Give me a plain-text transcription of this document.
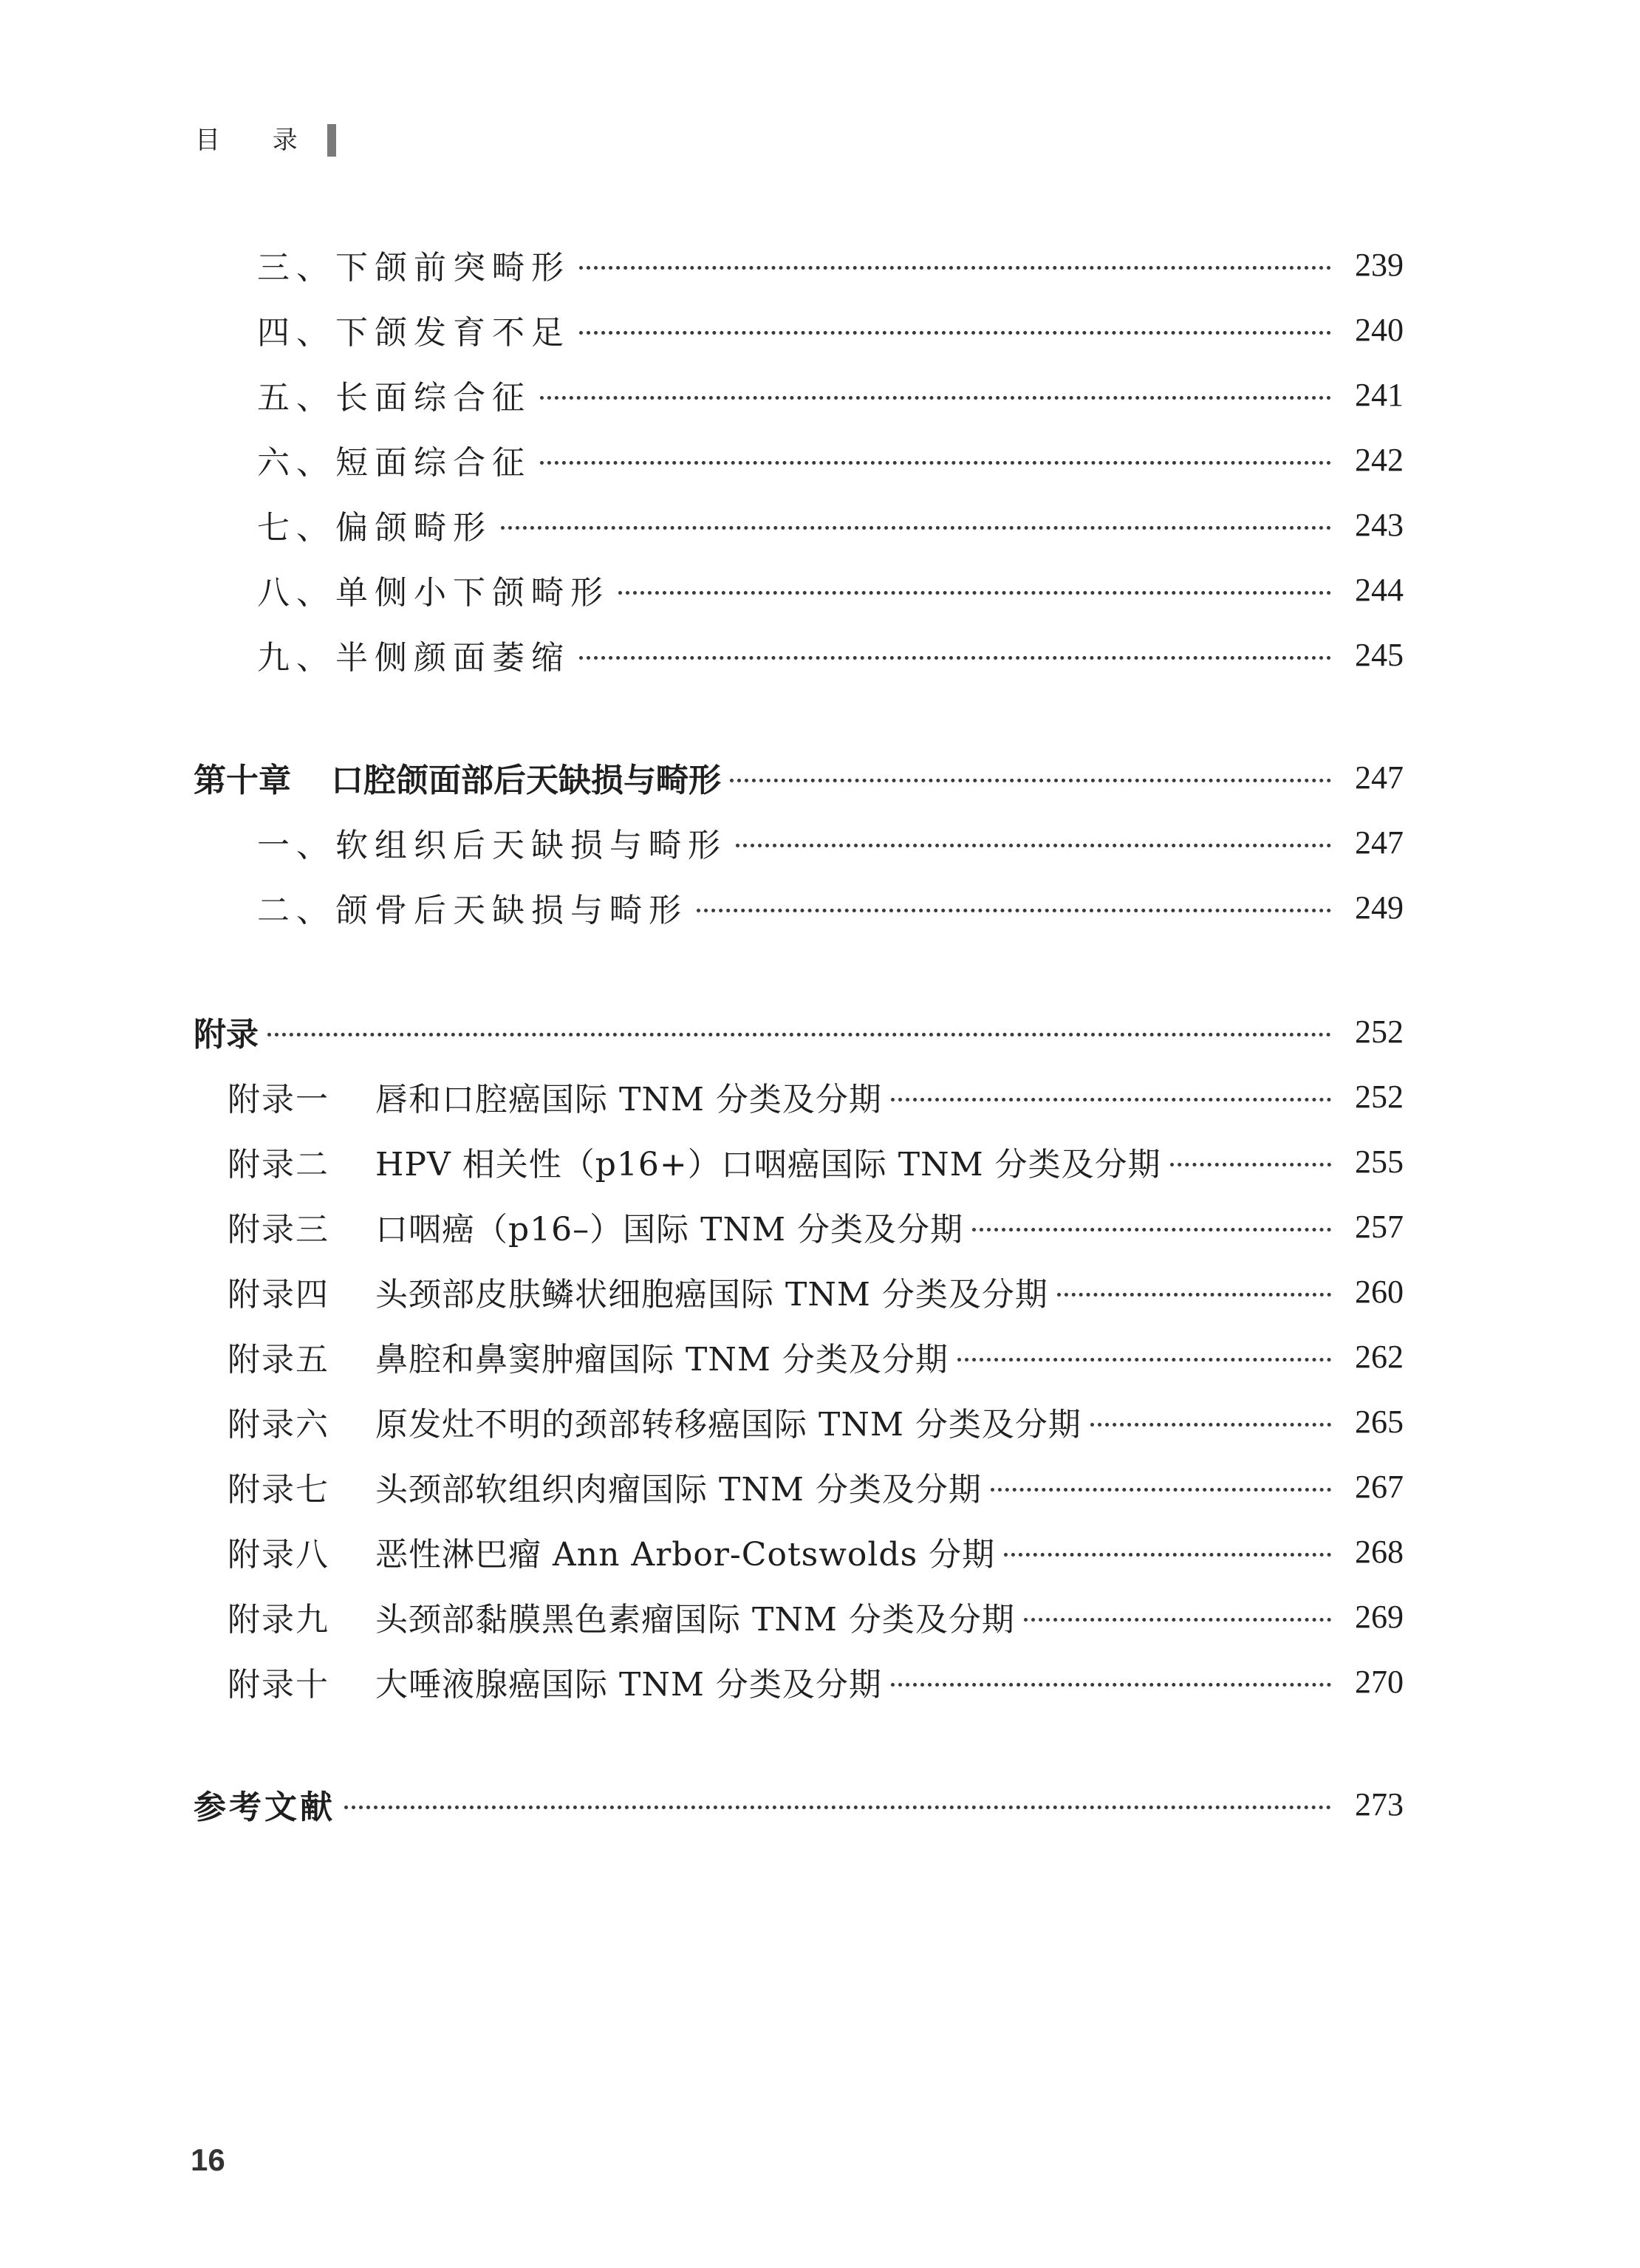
目 录
三、下颌前突畸形	239
四、下颌发育不足	240
五、长面综合征	241
六、短面综合征	242
七、偏颌畸形	243
八、单侧小下颌畸形	244
九、半侧颜面萎缩	245
第十章 口腔颌面部后天缺损与畸形	247
一、软组织后天缺损与畸形	247
二、颌骨后天缺损与畸形	249
附录	252
附录一	唇和口腔癌国际 TNM 分类及分期	252
附录二	HPV 相关性（p16+）口咽癌国际 TNM 分类及分期	255
附录三	口咽癌（p16–）国际 TNM 分类及分期	257
附录四	头颈部皮肤鳞状细胞癌国际 TNM 分类及分期	260
附录五	鼻腔和鼻窦肿瘤国际 TNM 分类及分期	262
附录六	原发灶不明的颈部转移癌国际 TNM 分类及分期	265
附录七	头颈部软组织肉瘤国际 TNM 分类及分期	267
附录八	恶性淋巴瘤 Ann Arbor-Cotswolds 分期	268
附录九	头颈部黏膜黑色素瘤国际 TNM 分类及分期	269
附录十	大唾液腺癌国际 TNM 分类及分期	270
参考文献	273
16
